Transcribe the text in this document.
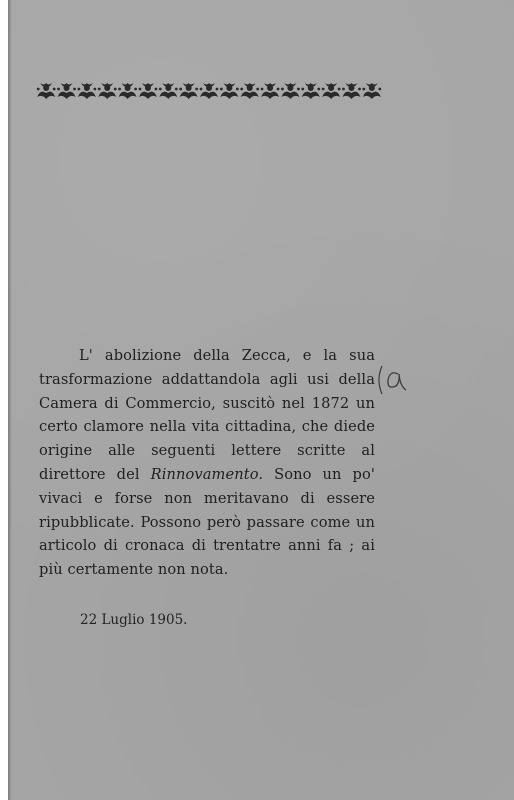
L' abolizione della Zecca, e la sua trasformazione addattandola agli usi della Camera di Commercio, suscitò nel 1872 un certo clamore nella vita cittadina, che diede origine alle seguenti lettere scritte al direttore del Rinnovamento. Sono un po' vivaci e forse non meritavano di essere ripubblicate. Possono però passare come un articolo di cronaca di trentatre anni fa ; ai più certamente non nota.

a
22 Luglio 1905.
